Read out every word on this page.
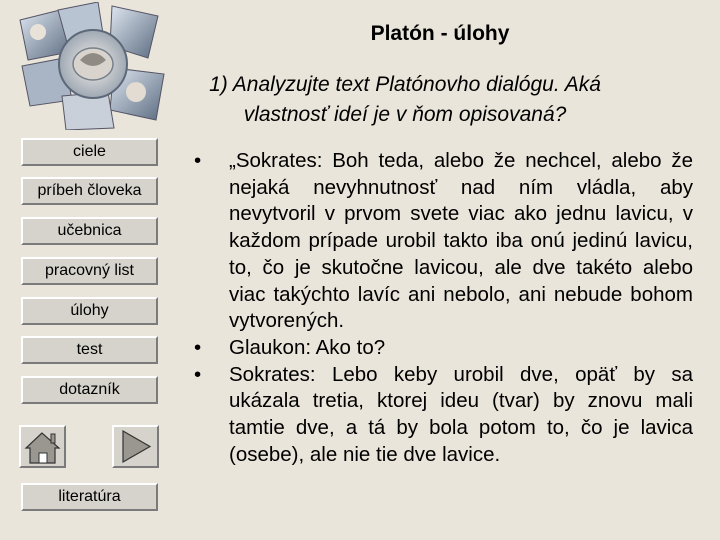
Platón - úlohy
1) Analyzujte text Platónovho dialógu. Aká
vlastnosť ideí je v ňom opisovaná?
ciele
príbeh človeka
učebnica
pracovný list
úlohy
test
dotazník
literatúra
• „Sokrates: Boh teda, alebo že nechcel, alebo že nejaká nevyhnutnosť nad ním vládla, aby nevytvoril v prvom svete viac ako jednu lavicu, v každom prípade urobil takto iba onú jedinú lavicu, to, čo je skutočne lavicou, ale dve takéto alebo viac takýchto lavíc ani nebolo, ani nebude bohom vytvorených.
• Glaukon: Ako to?
• Sokrates: Lebo keby urobil dve, opäť by sa ukázala tretia, ktorej ideu (tvar) by znovu mali tamtie dve, a tá by bola potom to, čo je lavica (osebe), ale nie tie dve lavice.
